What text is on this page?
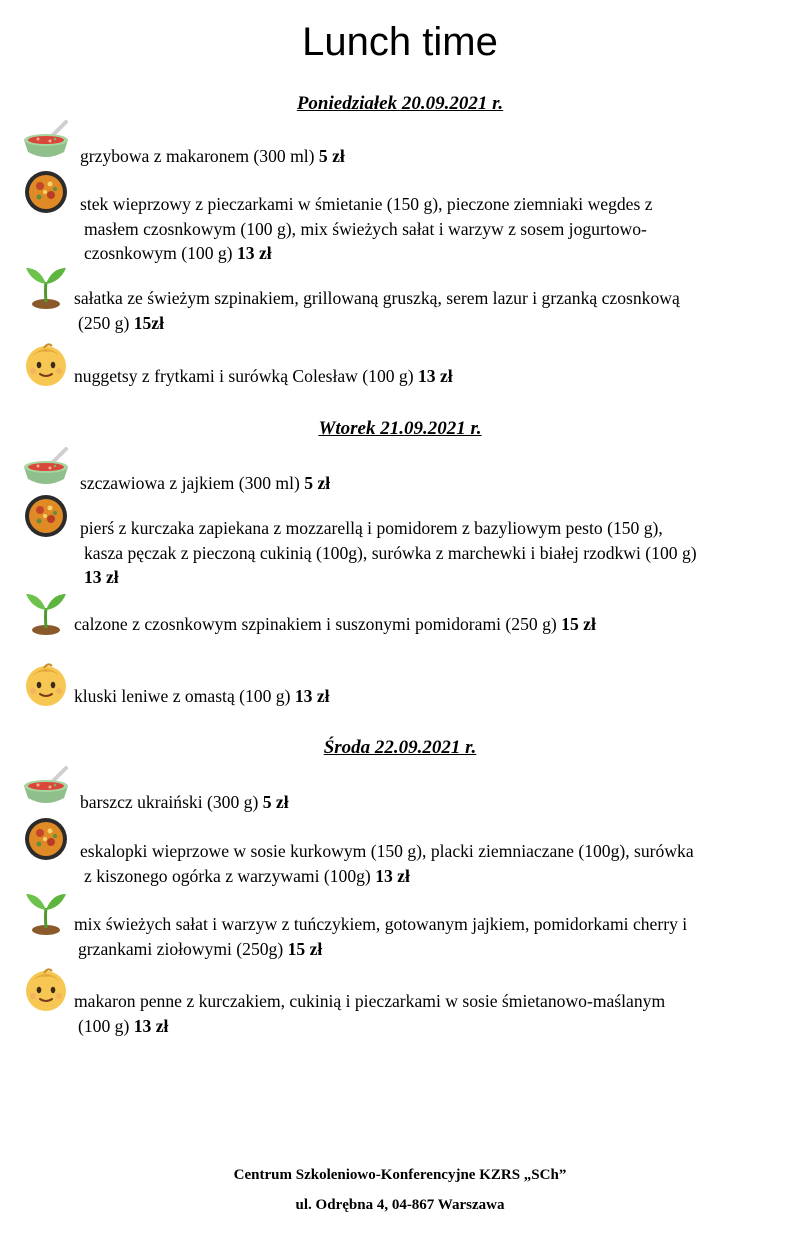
Lunch time
Poniedziałek 20.09.2021 r.
grzybowa z makaronem (300 ml) 5 zł
stek wieprzowy z pieczarkami w śmietanie (150 g), pieczone ziemniaki wegdes z
masłem czosnkowym (100 g), mix świeżych sałat i warzyw z sosem jogurtowo-
czosnkowym (100 g) 13 zł
sałatka ze świeżym szpinakiem, grillowaną gruszką, serem lazur i grzanką czosnkową
(250 g) 15zł
nuggetsy z frytkami i surówką Colesław (100 g) 13 zł
Wtorek 21.09.2021 r.
szczawiowa z jajkiem (300 ml) 5 zł
pierś z kurczaka zapiekana z mozzarellą i pomidorem z bazyliowym pesto (150 g),
kasza pęczak z pieczoną cukinią (100g), surówka z marchewki i białej rzodkwi (100 g)
13 zł
calzone z czosnkowym szpinakiem i suszonymi pomidorami (250 g) 15 zł
kluski leniwe z omastą (100 g) 13 zł
Środa 22.09.2021 r.
barszcz ukraiński (300 g) 5 zł
eskalopki wieprzowe w sosie kurkowym (150 g), placki ziemniaczane (100g), surówka
z kiszonego ogórka z warzywami (100g) 13 zł
mix świeżych sałat i warzyw z tuńczykiem, gotowanym jajkiem, pomidorkami cherry i
grzankami ziołowymi (250g) 15 zł
makaron penne z kurczakiem, cukinią i pieczarkami w sosie śmietanowo-maślanym
(100 g) 13 zł
Centrum Szkoleniowo-Konferencyjne KZRS „SCh”
ul. Odrębna 4, 04-867 Warszawa
